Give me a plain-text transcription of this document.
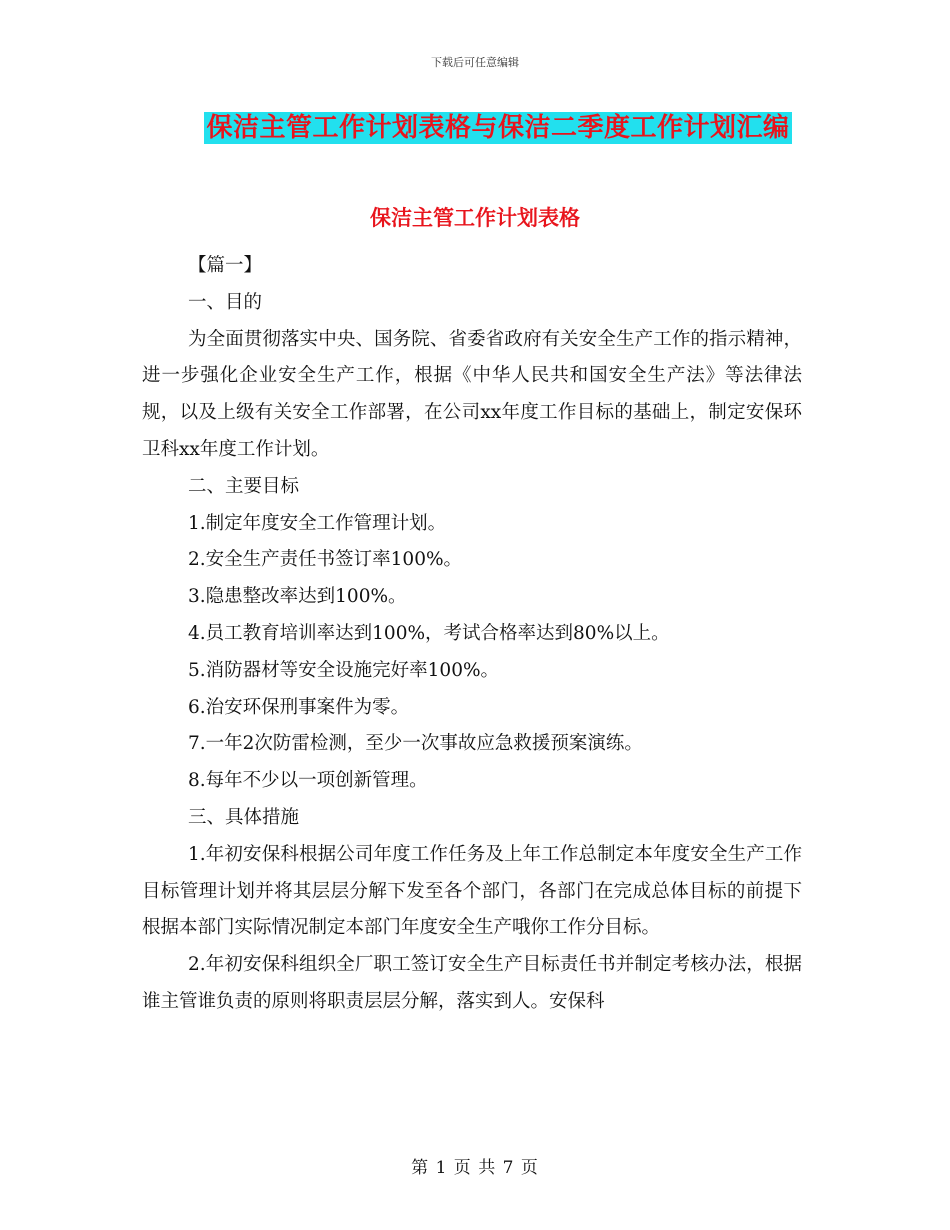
下载后可任意编辑
保洁主管工作计划表格与保洁二季度工作计划汇编
保洁主管工作计划表格

【篇一】

一、目的

为全面贯彻落实中央、国务院、省委省政府有关安全生产工作的指示精神，进一步强化企业安全生产工作，根据《中华人民共和国安全生产法》等法律法规，以及上级有关安全工作部署，在公司xx年度工作目标的基础上，制定安保环卫科xx年度工作计划。

二、主要目标

1.制定年度安全工作管理计划。

2.安全生产责任书签订率100%。

3.隐患整改率达到100%。

4.员工教育培训率达到100%，考试合格率达到80%以上。

5.消防器材等安全设施完好率100%。

6.治安环保刑事案件为零。

7.一年2次防雷检测，至少一次事故应急救援预案演练。

8.每年不少以一项创新管理。

三、具体措施

1.年初安保科根据公司年度工作任务及上年工作总制定本年度安全生产工作目标管理计划并将其层层分解下发至各个部门，各部门在完成总体目标的前提下根据本部门实际情况制定本部门年度安全生产哦你工作分目标。

2.年初安保科组织全厂职工签订安全生产目标责任书并制定考核办法，根据谁主管谁负责的原则将职责层层分解，落实到人。安保科

第 1 页 共 7 页
